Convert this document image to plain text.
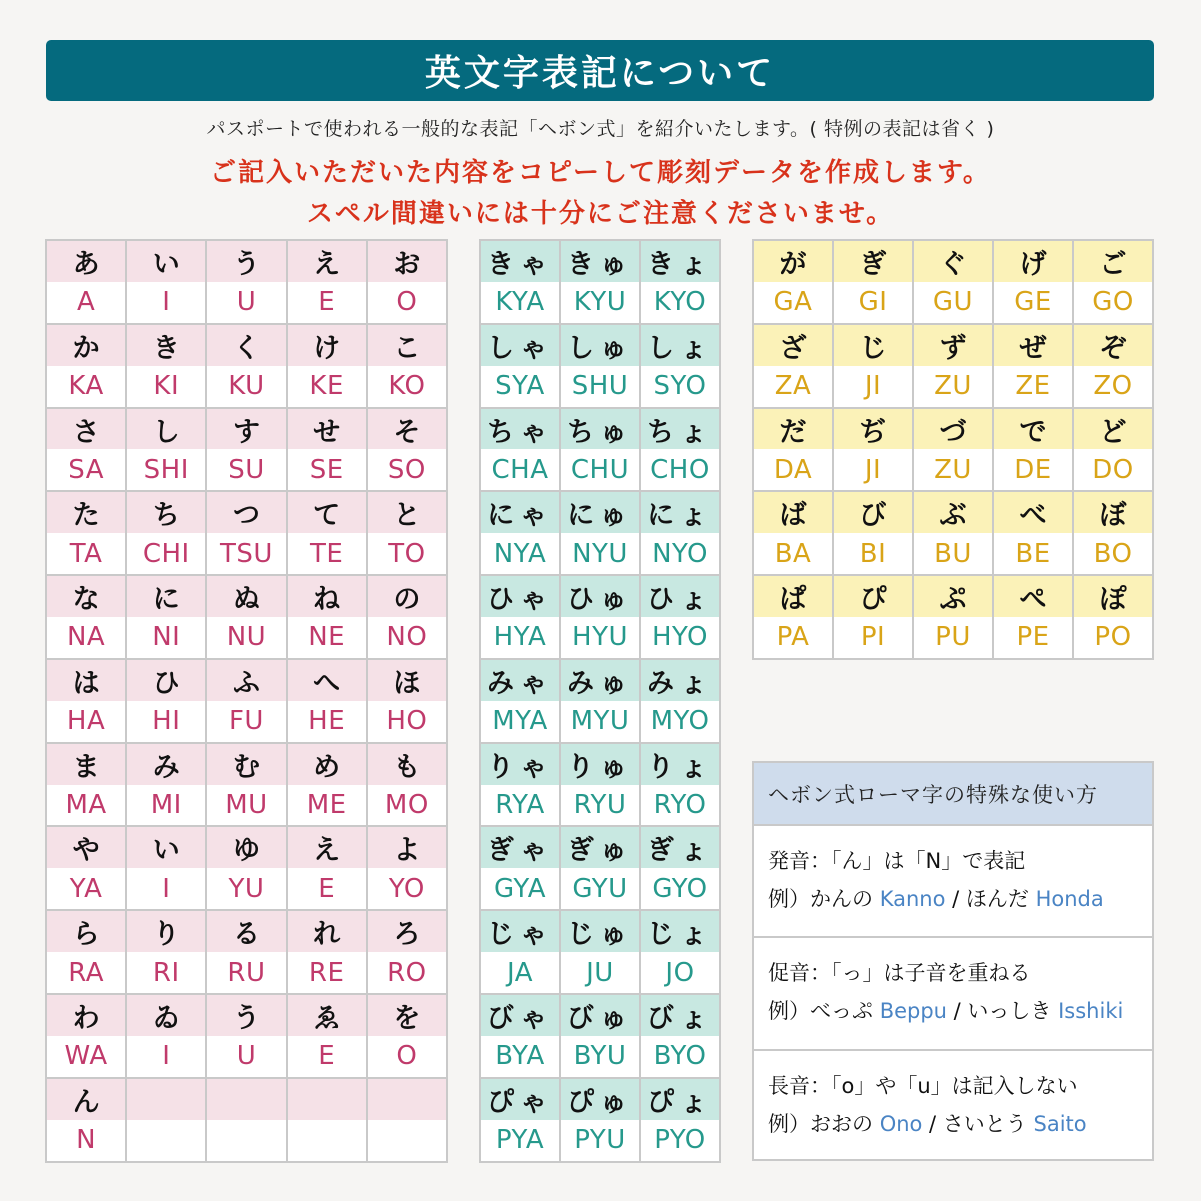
英文字表記について
パスポートで使われる一般的な表記「ヘボン式」を紹介いたします。( 特例の表記は省く )
ご記入いただいた内容をコピーして彫刻データを作成します。
スペル間違いには十分にご注意くださいませ。
あ	い	う	え	お
A	I	U	E	O
か	き	く	け	こ
KA	KI	KU	KE	KO
さ	し	す	せ	そ
SA	SHI	SU	SE	SO
た	ち	つ	て	と
TA	CHI	TSU	TE	TO
な	に	ぬ	ね	の
NA	NI	NU	NE	NO
は	ひ	ふ	へ	ほ
HA	HI	FU	HE	HO
ま	み	む	め	も
MA	MI	MU	ME	MO
や	い	ゆ	え	よ
YA	I	YU	E	YO
ら	り	る	れ	ろ
RA	RI	RU	RE	RO
わ	ゐ	う	ゑ	を
WA	I	U	E	O
ん				
N				
きゃ	きゅ	きょ
KYA	KYU	KYO
しゃ	しゅ	しょ
SYA	SHU	SYO
ちゃ	ちゅ	ちょ
CHA	CHU	CHO
にゃ	にゅ	にょ
NYA	NYU	NYO
ひゃ	ひゅ	ひょ
HYA	HYU	HYO
みゃ	みゅ	みょ
MYA	MYU	MYO
りゃ	りゅ	りょ
RYA	RYU	RYO
ぎゃ	ぎゅ	ぎょ
GYA	GYU	GYO
じゃ	じゅ	じょ
JA	JU	JO
びゃ	びゅ	びょ
BYA	BYU	BYO
ぴゃ	ぴゅ	ぴょ
PYA	PYU	PYO
が	ぎ	ぐ	げ	ご
GA	GI	GU	GE	GO
ざ	じ	ず	ぜ	ぞ
ZA	JI	ZU	ZE	ZO
だ	ぢ	づ	で	ど
DA	JI	ZU	DE	DO
ば	び	ぶ	べ	ぼ
BA	BI	BU	BE	BO
ぱ	ぴ	ぷ	ぺ	ぽ
PA	PI	PU	PE	PO
ヘボン式ローマ字の特殊な使い方
発音：「ん」は「N」で表記
例）かんの Kanno / ほんだ Honda
促音：「っ」は子音を重ねる
例）べっぷ Beppu / いっしき Isshiki
長音：「o」や「u」は記入しない
例）おおの Ono / さいとう Saito
